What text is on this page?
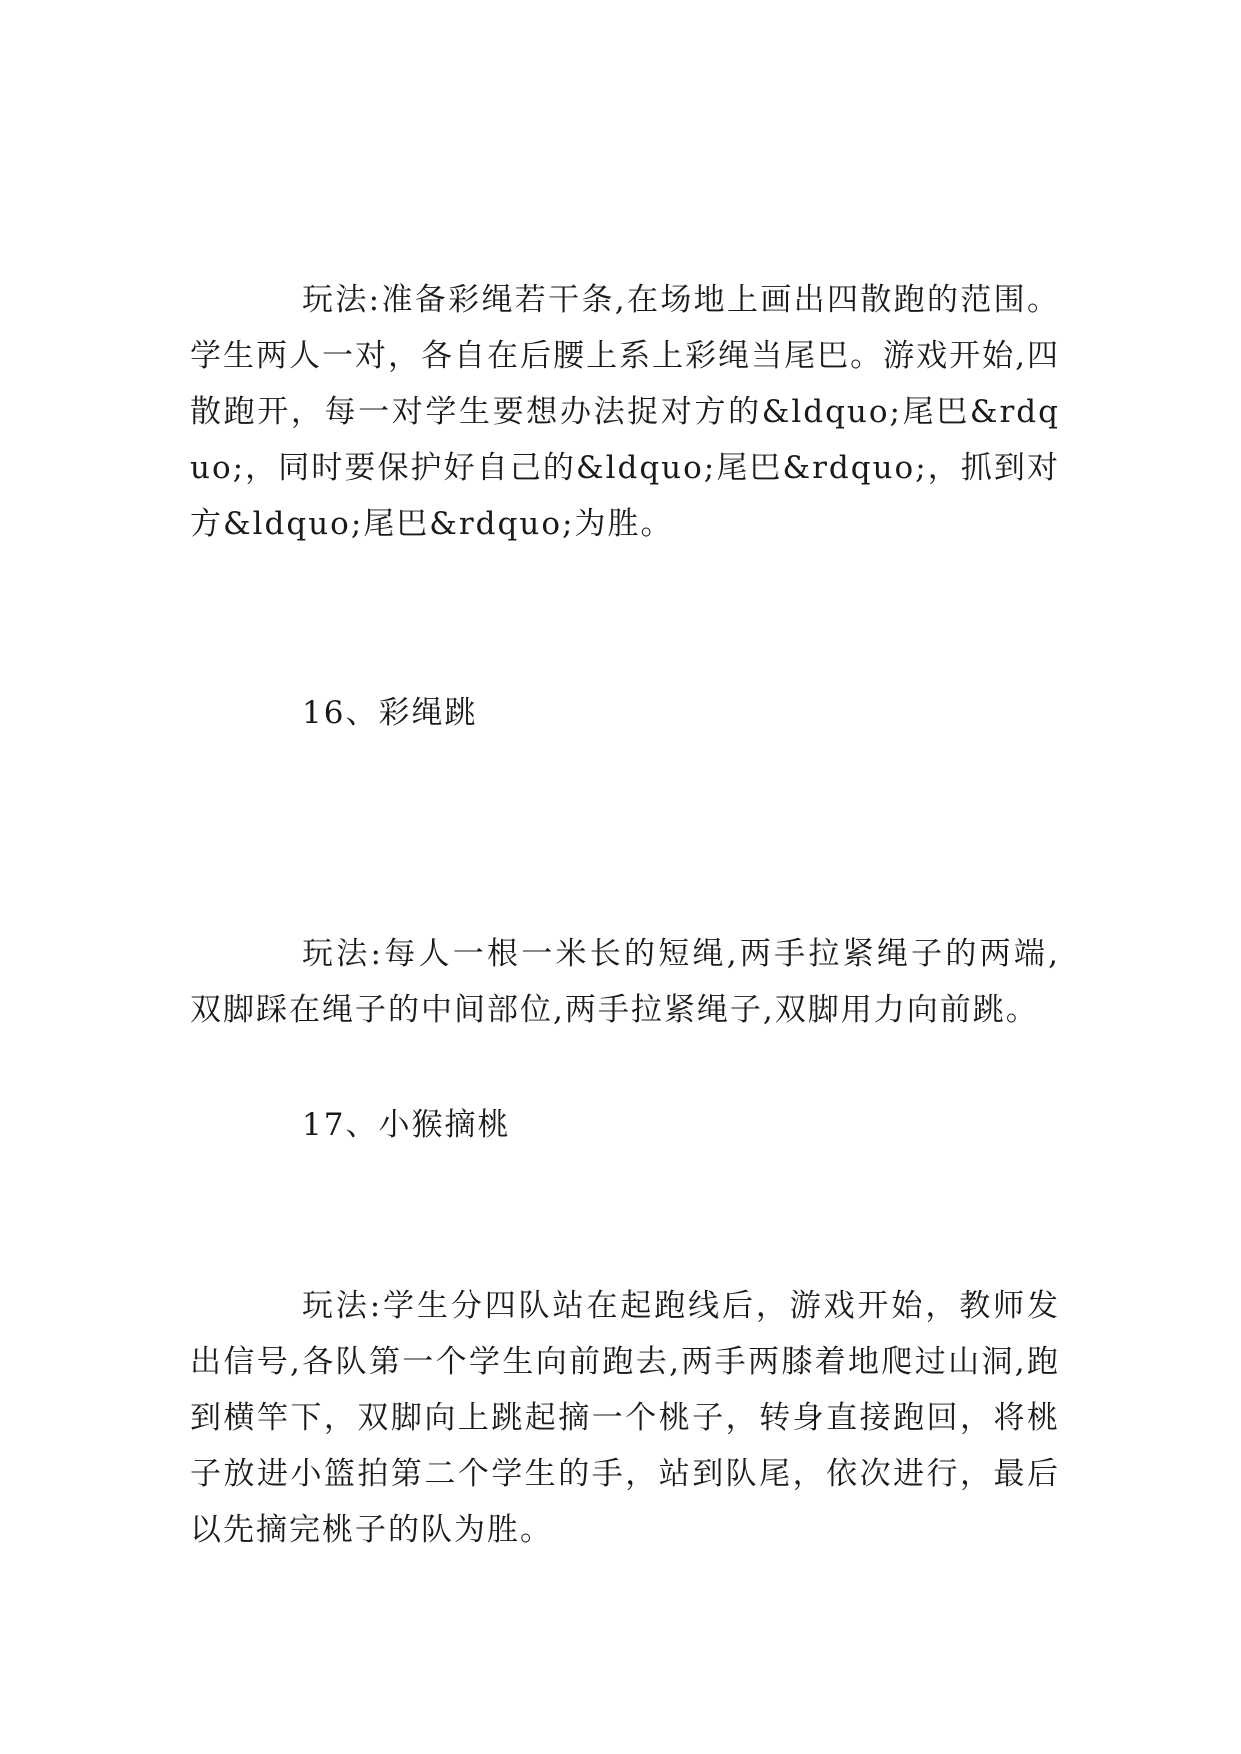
玩法:准备彩绳若干条,在场地上画出四散跑的范围。学生两人一对，各自在后腰上系上彩绳当尾巴。游戏开始,四散跑开，每一对学生要想办法捉对方的&ldquo;尾巴&rdquo;，同时要保护好自己的&ldquo;尾巴&rdquo;，抓到对方&ldquo;尾巴&rdquo;为胜。

16、彩绳跳

玩法:每人一根一米长的短绳,两手拉紧绳子的两端,双脚踩在绳子的中间部位,两手拉紧绳子,双脚用力向前跳。

17、小猴摘桃

玩法:学生分四队站在起跑线后，游戏开始，教师发出信号,各队第一个学生向前跑去,两手两膝着地爬过山洞,跑到横竿下，双脚向上跳起摘一个桃子，转身直接跑回，将桃子放进小篮拍第二个学生的手，站到队尾，依次进行，最后以先摘完桃子的队为胜。
